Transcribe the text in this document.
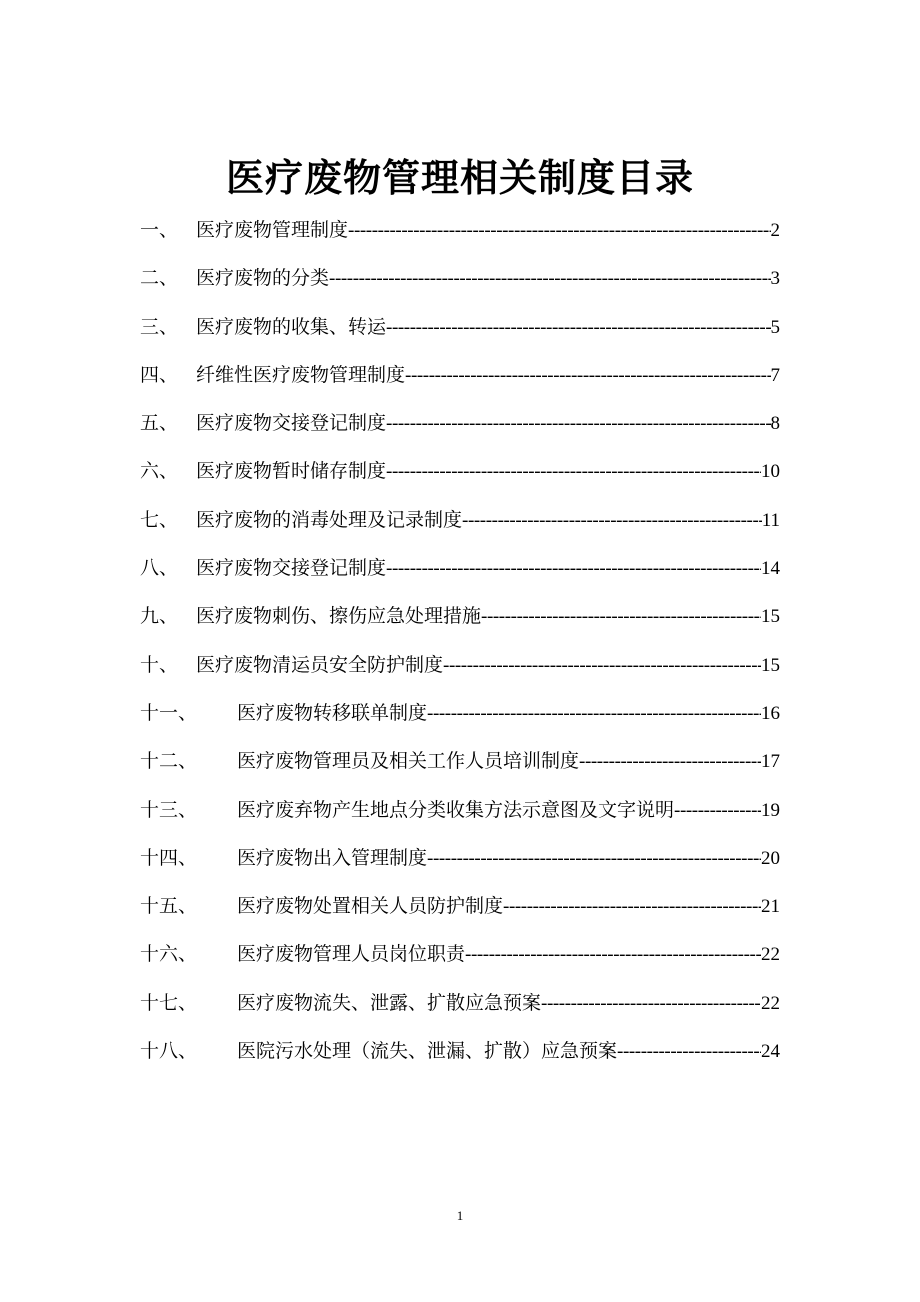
医疗废物管理相关制度目录
一、 医疗废物管理制度 -----	2
二、 医疗废物的分类 -----	3
三、 医疗废物的收集、转运 -----	5
四、 纤维性医疗废物管理制度 -----	7
五、 医疗废物交接登记制度 -----	8
六、 医疗废物暂时储存制度 -----	10
七、 医疗废物的消毒处理及记录制度 -----	11
八、 医疗废物交接登记制度 -----	14
九、 医疗废物刺伤、擦伤应急处理措施 -----	15
十、 医疗废物清运员安全防护制度 -----	15
十一、 医疗废物转移联单制度 -----	16
十二、 医疗废物管理员及相关工作人员培训制度 -----	17
十三、 医疗废弃物产生地点分类收集方法示意图及文字说明 -----	19
十四、 医疗废物出入管理制度 -----	20
十五、 医疗废物处置相关人员防护制度 -----	21
十六、 医疗废物管理人员岗位职责 -----	22
十七、 医疗废物流失、泄露、扩散应急预案 -----	22
十八、 医院污水处理（流失、泄漏、扩散）应急预案 -----	24
1
